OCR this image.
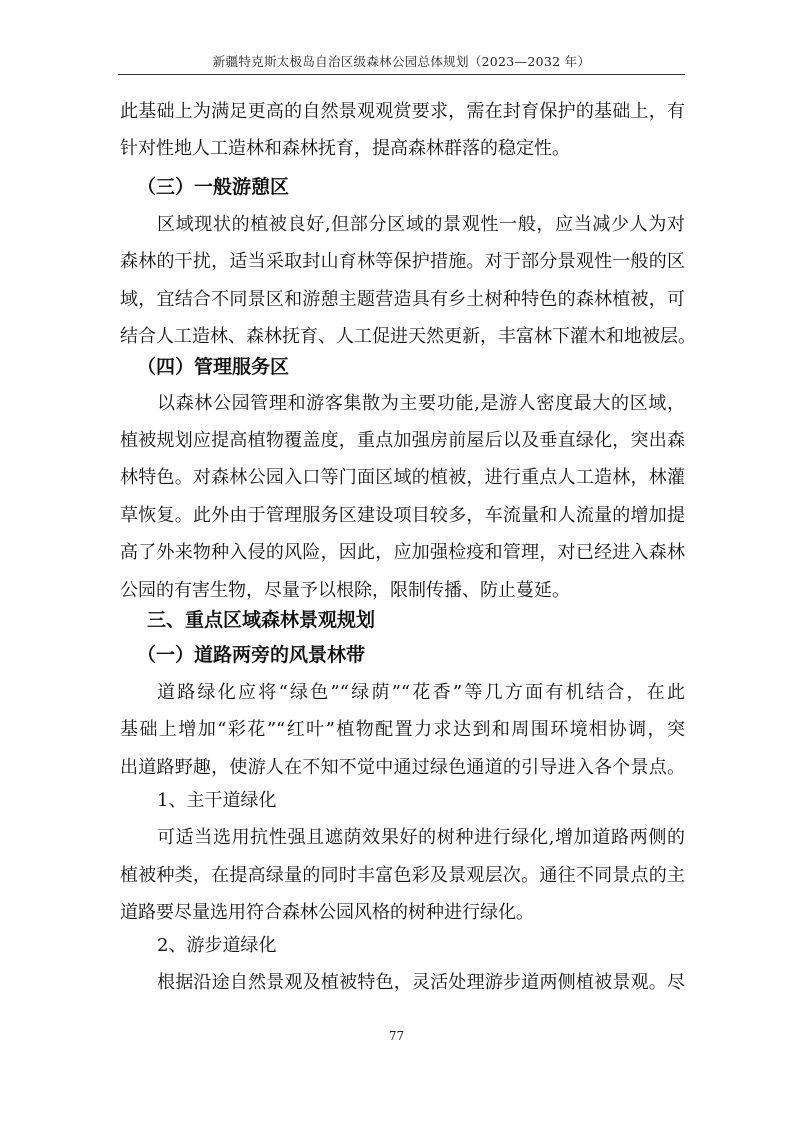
新疆特克斯太极岛自治区级森林公园总体规划（2023—2032 年）
此基础上为满足更高的自然景观观赏要求，需在封育保护的基础上，有
针对性地人工造林和森林抚育，提高森林群落的稳定性。
（三）一般游憩区
区域现状的植被良好,但部分区域的景观性一般，应当减少人为对
森林的干扰，适当采取封山育林等保护措施。对于部分景观性一般的区
域，宜结合不同景区和游憩主题营造具有乡土树种特色的森林植被，可
结合人工造林、森林抚育、人工促进天然更新，丰富林下灌木和地被层。
（四）管理服务区
以森林公园管理和游客集散为主要功能,是游人密度最大的区域，
植被规划应提高植物覆盖度，重点加强房前屋后以及垂直绿化，突出森
林特色。对森林公园入口等门面区域的植被，进行重点人工造林，林灌
草恢复。此外由于管理服务区建设项目较多，车流量和人流量的增加提
高了外来物种入侵的风险，因此，应加强检疫和管理，对已经进入森林
公园的有害生物，尽量予以根除，限制传播、防止蔓延。
三、重点区域森林景观规划
（一）道路两旁的风景林带
道路绿化应将“绿色”“绿荫”“花香”等几方面有机结合，在此
基础上增加“彩花”“红叶”植物配置力求达到和周围环境相协调，突
出道路野趣，使游人在不知不觉中通过绿色通道的引导进入各个景点。
1、主干道绿化
可适当选用抗性强且遮荫效果好的树种进行绿化,增加道路两侧的
植被种类，在提高绿量的同时丰富色彩及景观层次。通往不同景点的主
道路要尽量选用符合森林公园风格的树种进行绿化。
2、游步道绿化
根据沿途自然景观及植被特色，灵活处理游步道两侧植被景观。尽
77
